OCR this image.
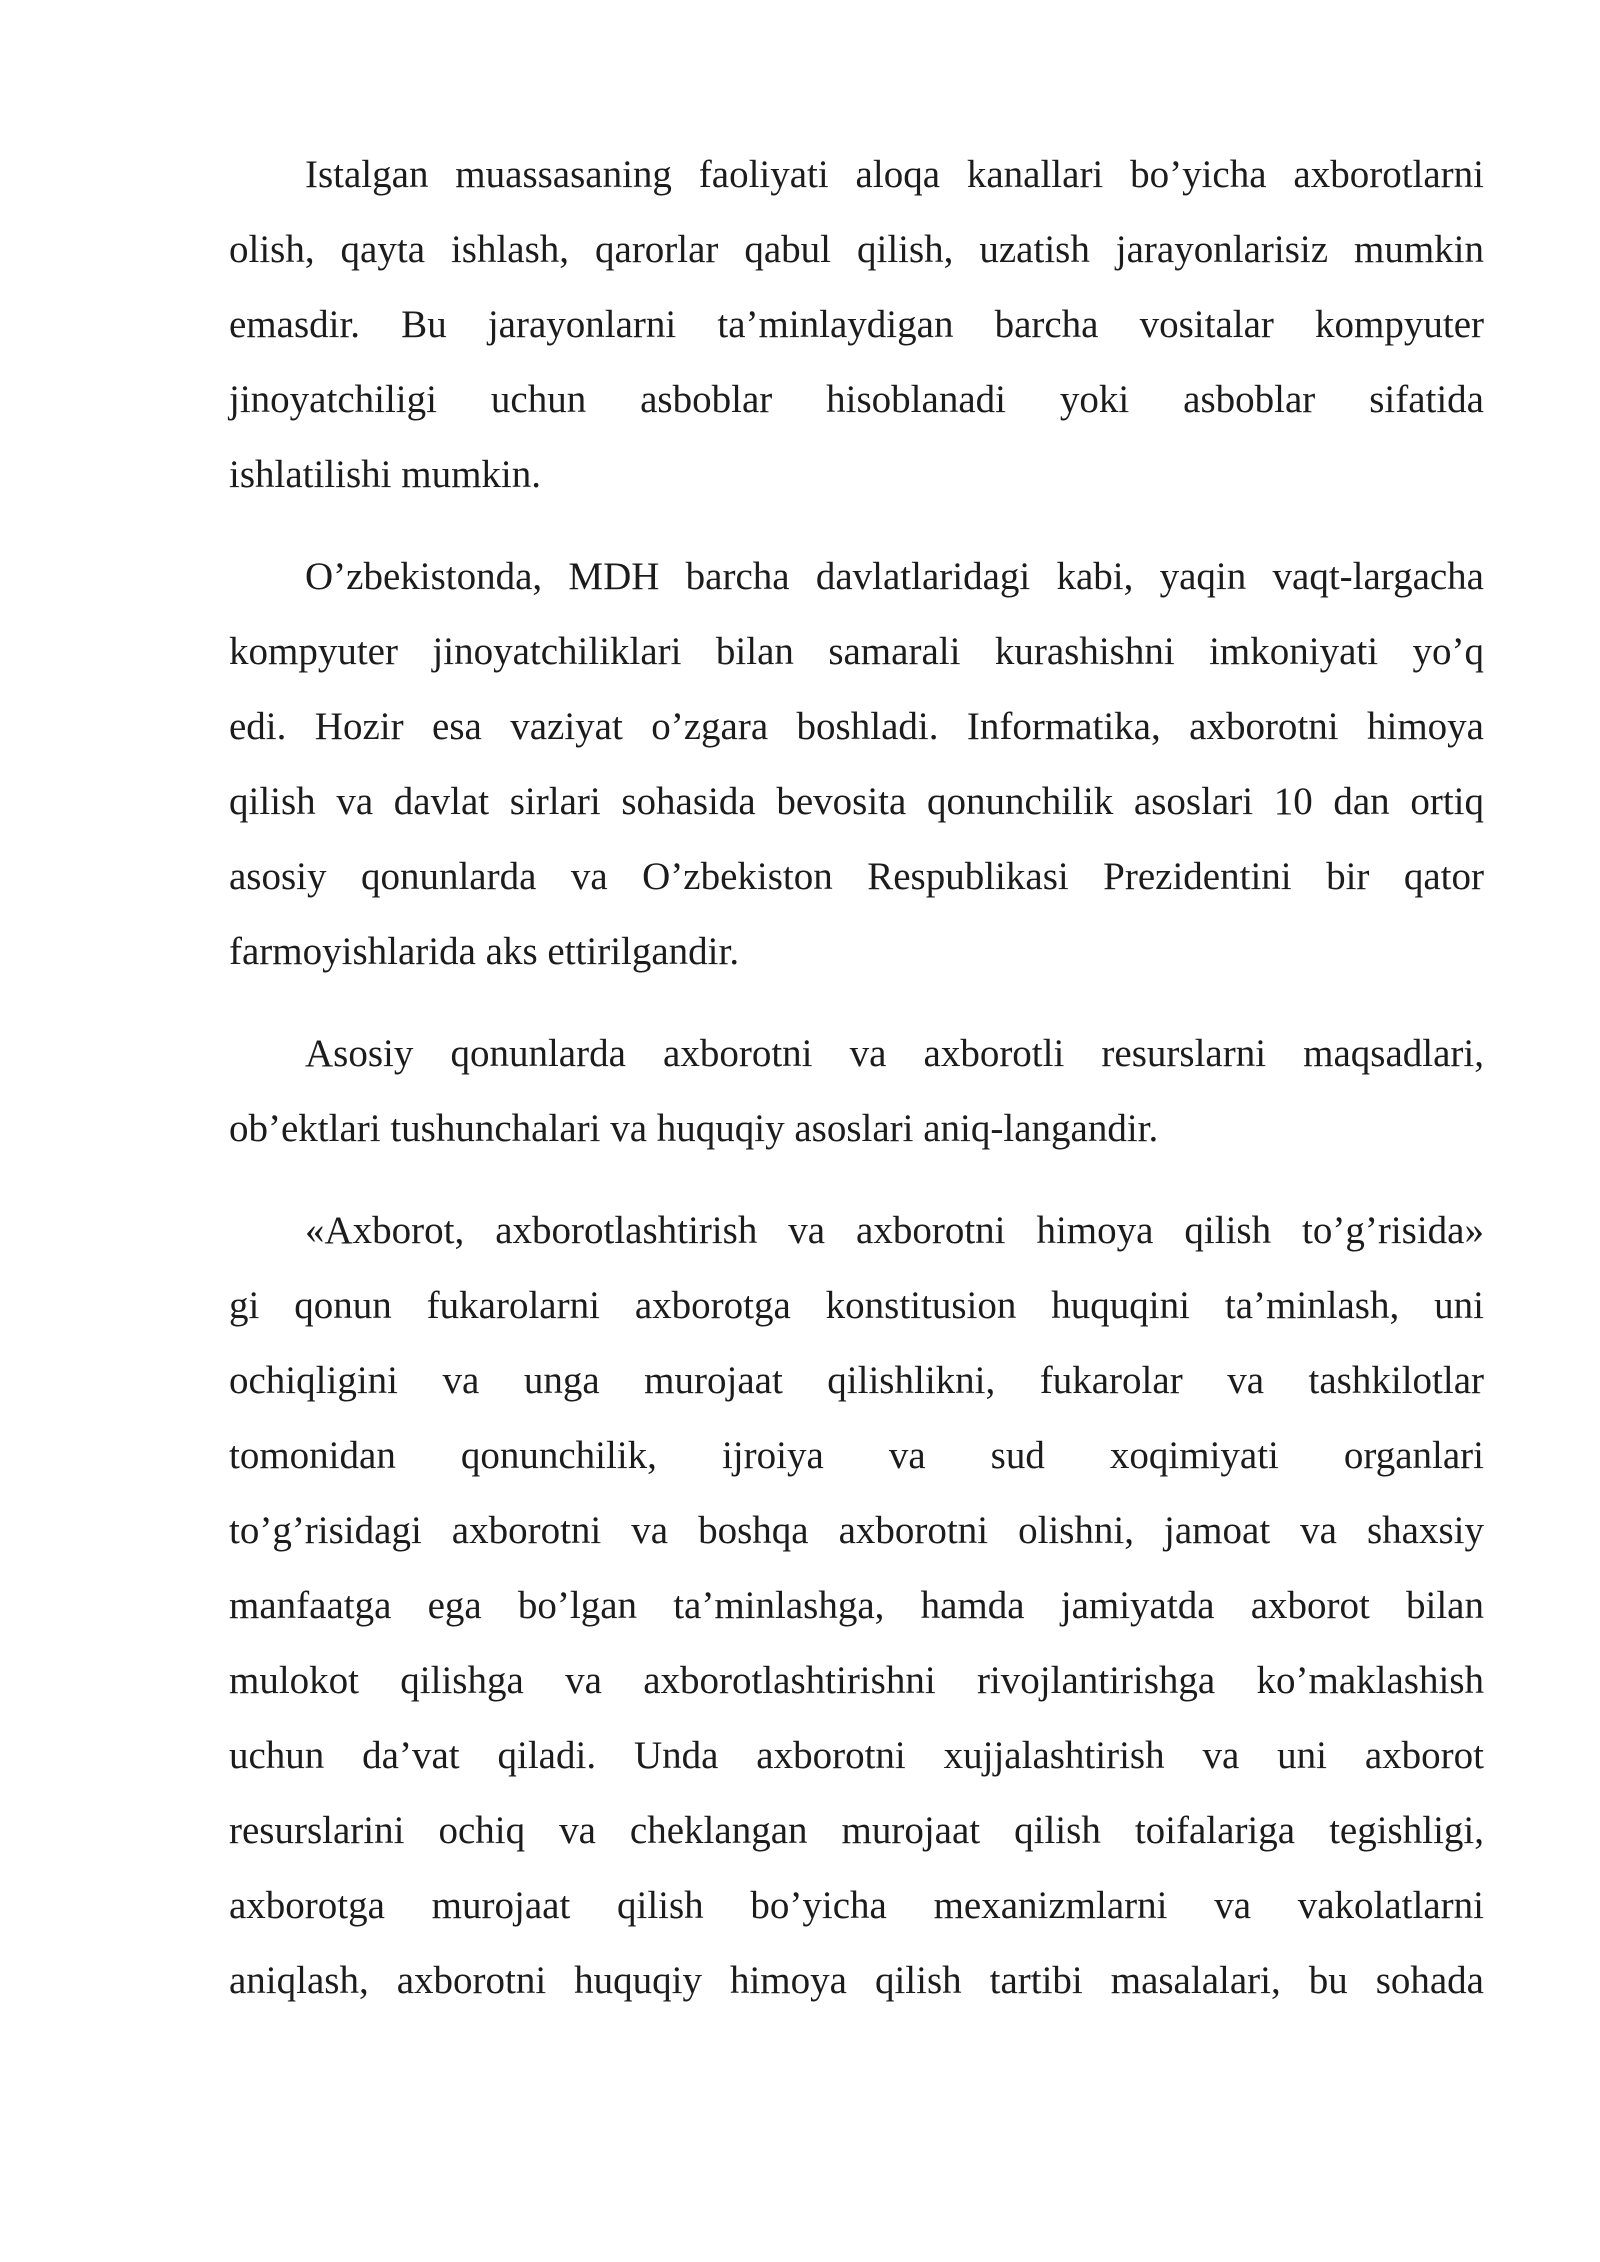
Istalgan muassasaning faoliyati aloqa kanallari bo’yicha axborotlarni
olish, qayta ishlash, qarorlar qabul qilish, uzatish jarayonlarisiz mumkin
emasdir. Bu jarayonlarni ta’minlaydigan barcha vositalar kompyuter
jinoyatchiligi uchun asboblar hisoblanadi yoki asboblar sifatida
ishlatilishi mumkin.
O’zbekistonda, MDH barcha davlatlaridagi kabi, yaqin vaqt-largacha
kompyuter jinoyatchiliklari bilan samarali kurashishni imkoniyati yo’q
edi. Hozir esa vaziyat o’zgara boshladi. Informatika, axborotni himoya
qilish va davlat sirlari sohasida bevosita qonunchilik asoslari 10 dan ortiq
asosiy qonunlarda va O’zbekiston Respublikasi Prezidentini bir qator
farmoyishlarida aks ettirilgandir.
Asosiy qonunlarda axborotni va axborotli resurslarni maqsadlari,
ob’ektlari tushunchalari va huquqiy asoslari aniq-langandir.
«Axborot, axborotlashtirish va axborotni himoya qilish to’g’risida»
gi qonun fukarolarni axborotga konstitusion huquqini ta’minlash, uni
ochiqligini va unga murojaat qilishlikni, fukarolar va tashkilotlar
tomonidan qonunchilik, ijroiya va sud xoqimiyati organlari
to’g’risidagi axborotni va boshqa axborotni olishni, jamoat va shaxsiy
manfaatga ega bo’lgan ta’minlashga, hamda jamiyatda axborot bilan
mulokot qilishga va axborotlashtirishni rivojlantirishga ko’maklashish
uchun da’vat qiladi. Unda axborotni xujjalashtirish va uni axborot
resurslarini ochiq va cheklangan murojaat qilish toifalariga tegishligi,
axborotga murojaat qilish bo’yicha mexanizmlarni va vakolatlarni
aniqlash, axborotni huquqiy himoya qilish tartibi masalalari, bu sohada
